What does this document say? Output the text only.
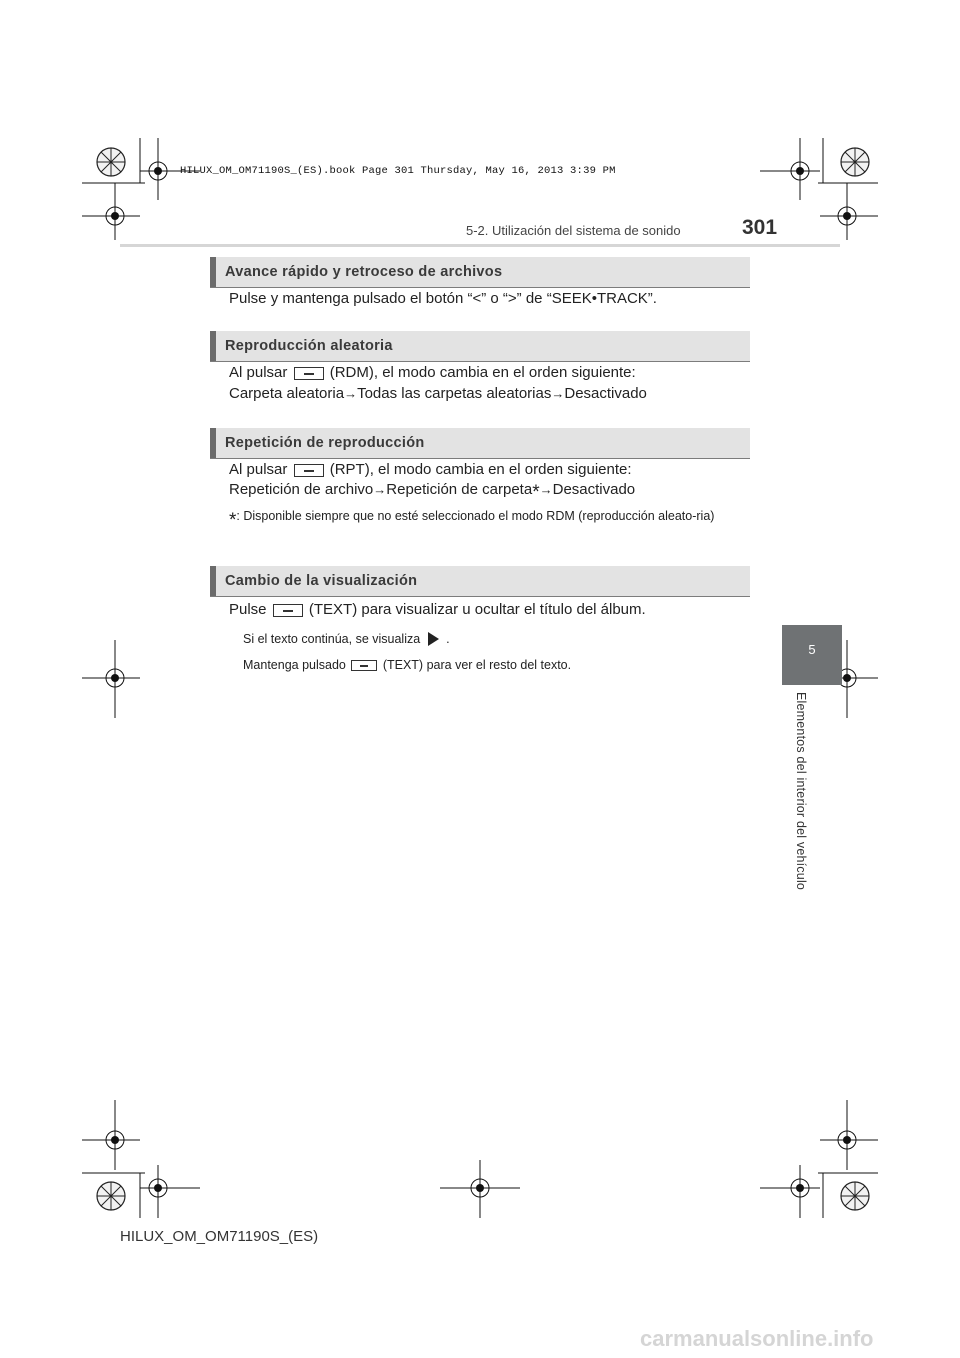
HILUX_OM_OM71190S_(ES).book Page 301 Thursday, May 16, 2013 3:39 PM
5-2. Utilización del sistema de sonido	301
5
Elementos del interior del vehículo
Avance rápido y retroceso de archivos
Pulse y mantenga pulsado el botón “<” o “>” de “SEEK•TRACK”.
Reproducción aleatoria
Al pulsar	(RDM), el modo cambia en el orden siguiente:
Carpeta aleatoria→Todas las carpetas aleatorias→Desactivado
Repetición de reproducción
Al pulsar	(RPT), el modo cambia en el orden siguiente:
Repetición de archivo→Repetición de carpeta*→Desactivado
*: Disponible siempre que no esté seleccionado el modo RDM (reproducción aleato-ria)
Cambio de la visualización
Pulse	(TEXT) para visualizar u ocultar el título del álbum.
Si el texto continúa, se visualiza .
Mantenga pulsado	(TEXT) para ver el resto del texto.
HILUX_OM_OM71190S_(ES)
carmanualsonline.info
